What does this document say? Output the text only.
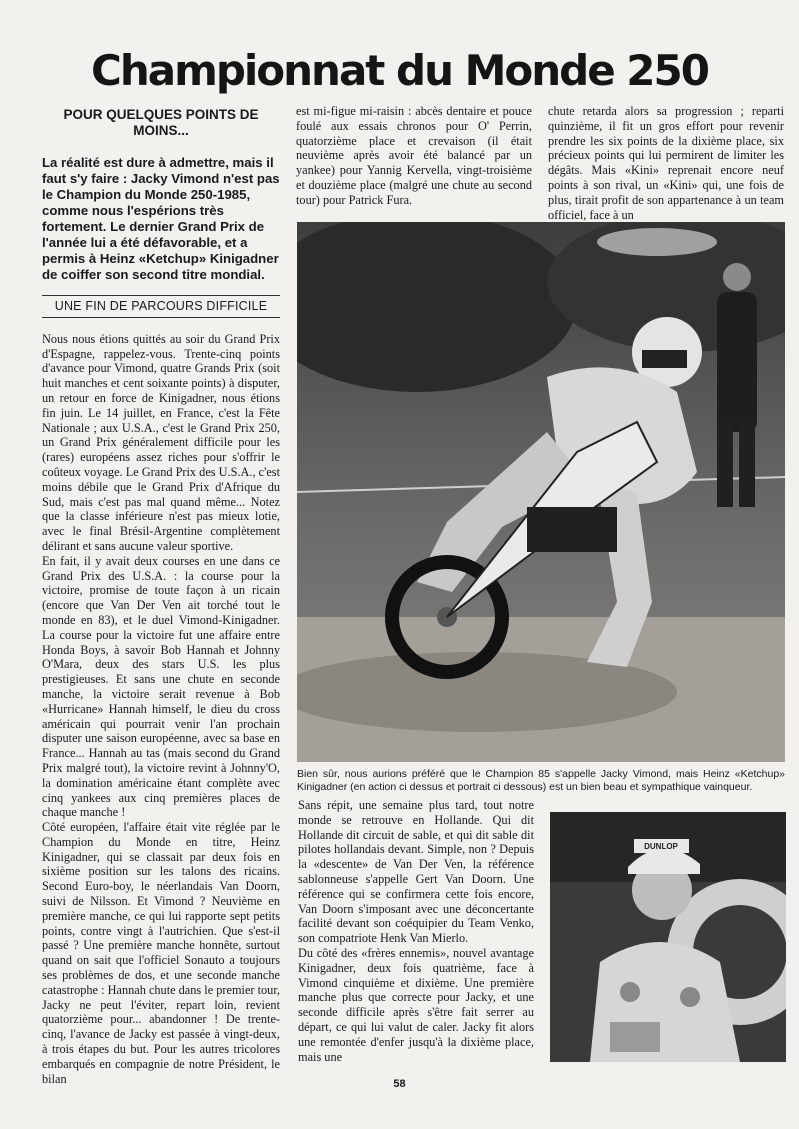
Championnat du Monde 250

POUR QUELQUES POINTS DE MOINS...

La réalité est dure à admettre, mais il faut s'y faire : Jacky Vimond n'est pas le Champion du Monde 250-1985, comme nous l'espérions très fortement. Le dernier Grand Prix de l'année lui a été défavorable, et a permis à Heinz «Ketchup» Kinigadner de coiffer son second titre mondial.

UNE FIN DE PARCOURS DIFFICILE

Nous nous étions quittés au soir du Grand Prix d'Espagne, rappelez-vous. Trente-cinq points d'avance pour Vimond, quatre Grands Prix (soit huit manches et cent soixante points) à disputer, un retour en force de Kinigadner, nous étions fin juin. Le 14 juillet, en France, c'est la Fête Nationale ; aux U.S.A., c'est le Grand Prix 250, un Grand Prix généralement difficile pour les (rares) européens assez riches pour s'offrir le coûteux voyage. Le Grand Prix des U.S.A., c'est moins débile que le Grand Prix d'Afrique du Sud, mais c'est pas mal quand même... Notez que la classe inférieure n'est pas mieux lotie, avec le final Brésil-Argentine complètement délirant et sans aucune valeur sportive.

En fait, il y avait deux courses en une dans ce Grand Prix des U.S.A. : la course pour la victoire, promise de toute façon à un ricain (encore que Van Der Ven ait torché tout le monde en 83), et le duel Vimond-Kinigadner. La course pour la victoire fut une affaire entre Honda Boys, à savoir Bob Hannah et Johnny O'Mara, deux des stars U.S. les plus prestigieuses. Et sans une chute en seconde manche, la victoire serait revenue à Bob «Hurricane» Hannah himself, le dieu du cross américain qui pourrait venir l'an prochain disputer une saison européenne, avec sa base en France... Hannah au tas (mais second du Grand Prix malgré tout), la victoire revint à Johnny'O, la domination américaine étant complète avec cinq yankees aux cinq premières places de chaque manche !

Côté européen, l'affaire était vite réglée par le Champion du Monde en titre, Heinz Kinigadner, qui se classait par deux fois en sixième position sur les talons des ricains. Second Euro-boy, le néerlandais Van Doorn, suivi de Nilsson. Et Vimond ? Neuvième en première manche, ce qui lui rapporte sept petits points, contre vingt à l'autrichien. Que s'est-il passé ? Une première manche honnête, surtout quand on sait que l'officiel Sonauto a toujours ses problèmes de dos, et une seconde manche catastrophe : Hannah chute dans le premier tour, Jacky ne peut l'éviter, repart loin, revient quatorzième pour... abandonner ! De trente-cinq, l'avance de Jacky est passée à vingt-deux, à trois étapes du but. Pour les autres tricolores embarqués en compagnie de notre Président, le bilan

est mi-figue mi-raisin : abcès dentaire et pouce foulé aux essais chronos pour O' Perrin, quatorzième place et crevaison (il était neuvième après avoir été balancé par un yankee) pour Yannig Kervella, vingt-troisième et douzième place (malgré une chute au second tour) pour Patrick Fura.

chute retarda alors sa progression ; reparti quinzième, il fit un gros effort pour revenir prendre les six points de la dixième place, six précieux points qui lui permirent de limiter les dégâts. Mais «Kini» reprenait encore neuf points à son rival, un «Kini» qui, une fois de plus, tirait profit de son appartenance à un team officiel, face à un

Bien sûr, nous aurions préféré que le Champion 85 s'appelle Jacky Vimond, mais Heinz «Ketchup» Kinigadner (en action ci dessus et portrait ci dessous) est un bien beau et sympathique vainqueur.

Sans répit, une semaine plus tard, tout notre monde se retrouve en Hollande. Qui dit Hollande dit circuit de sable, et qui dit sable dit pilotes hollandais devant. Simple, non ? Depuis la «descente» de Van Der Ven, la référence sablonneuse s'appelle Gert Van Doorn. Une référence qui se confirmera cette fois encore, Van Doorn s'imposant avec une déconcertante facilité devant son coéquipier du Team Venko, son compatriote Henk Van Mierlo.

Du côté des «frères ennemis», nouvel avantage Kinigadner, deux fois quatrième, face à Vimond cinquième et dixième. Une première manche plus que correcte pour Jacky, et une seconde difficile après s'être fait serrer au départ, ce qui lui valut de caler. Jacky fit alors une remontée d'enfer jusqu'à la dixième place, mais une

DUNLOP
58
